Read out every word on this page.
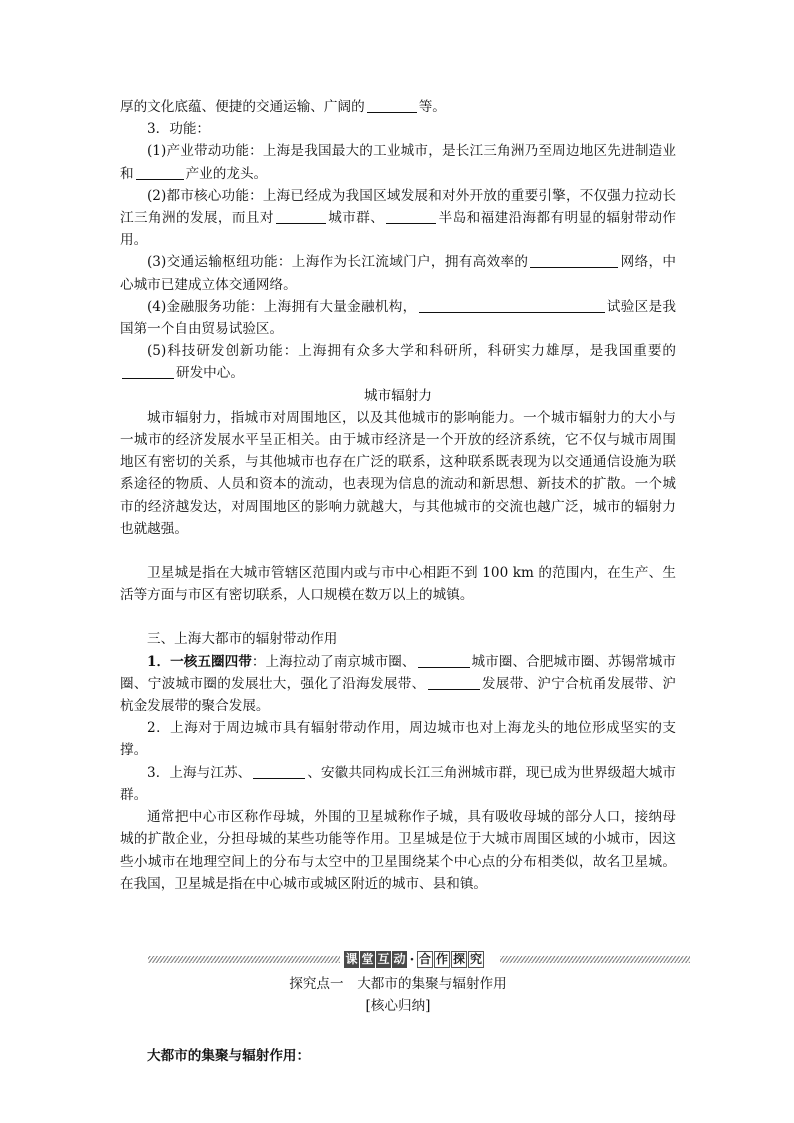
厚的文化底蕴、便捷的交通运输、广阔的	等。

3．功能：

(1)产业带动功能：上海是我国最大的工业城市，是长江三角洲乃至周边地区先进制造业和	产业的龙头。

(2)都市核心功能：上海已经成为我国区域发展和对外开放的重要引擎，不仅强力拉动长江三角洲的发展，而且对	城市群、	半岛和福建沿海都有明显的辐射带动作用。

(3)交通运输枢纽功能：上海作为长江流域门户，拥有高效率的	网络，中心城市已建成立体交通网络。

(4)金融服务功能：上海拥有大量金融机构，	试验区是我国第一个自由贸易试验区。

(5)科技研发创新功能：上海拥有众多大学和科研所，科研实力雄厚，是我国重要的研发中心。

城市辐射力

城市辐射力，指城市对周围地区，以及其他城市的影响能力。一个城市辐射力的大小与一城市的经济发展水平呈正相关。由于城市经济是一个开放的经济系统，它不仅与城市周围地区有密切的关系，与其他城市也存在广泛的联系，这种联系既表现为以交通通信设施为联系途径的物质、人员和资本的流动，也表现为信息的流动和新思想、新技术的扩散。一个城市的经济越发达，对周围地区的影响力就越大，与其他城市的交流也越广泛，城市的辐射力也就越强。

卫星城是指在大城市管辖区范围内或与市中心相距不到 100 km 的范围内，在生产、生活等方面与市区有密切联系，人口规模在数万以上的城镇。

三、上海大都市的辐射带动作用

1．一核五圈四带：上海拉动了南京城市圈、	城市圈、合肥城市圈、苏锡常城市圈、宁波城市圈的发展壮大，强化了沿海发展带、	发展带、沪宁合杭甬发展带、沪杭金发展带的聚合发展。

2．上海对于周边城市具有辐射带动作用，周边城市也对上海龙头的地位形成坚实的支撑。

3．上海与江苏、	、安徽共同构成长江三角洲城市群，现已成为世界级超大城市群。

通常把中心市区称作母城，外围的卫星城称作子城，具有吸收母城的部分人口，接纳母城的扩散企业，分担母城的某些功能等作用。卫星城是位于大城市周围区域的小城市，因这些小城市在地理空间上的分布与太空中的卫星围绕某个中心点的分布相类似，故名卫星城。在我国，卫星城是指在中心城市或城区附近的城市、县和镇。

课 堂 互 动 · 合 作 探 究

探究点一　大都市的集聚与辐射作用

[核心归纳]

大都市的集聚与辐射作用：
